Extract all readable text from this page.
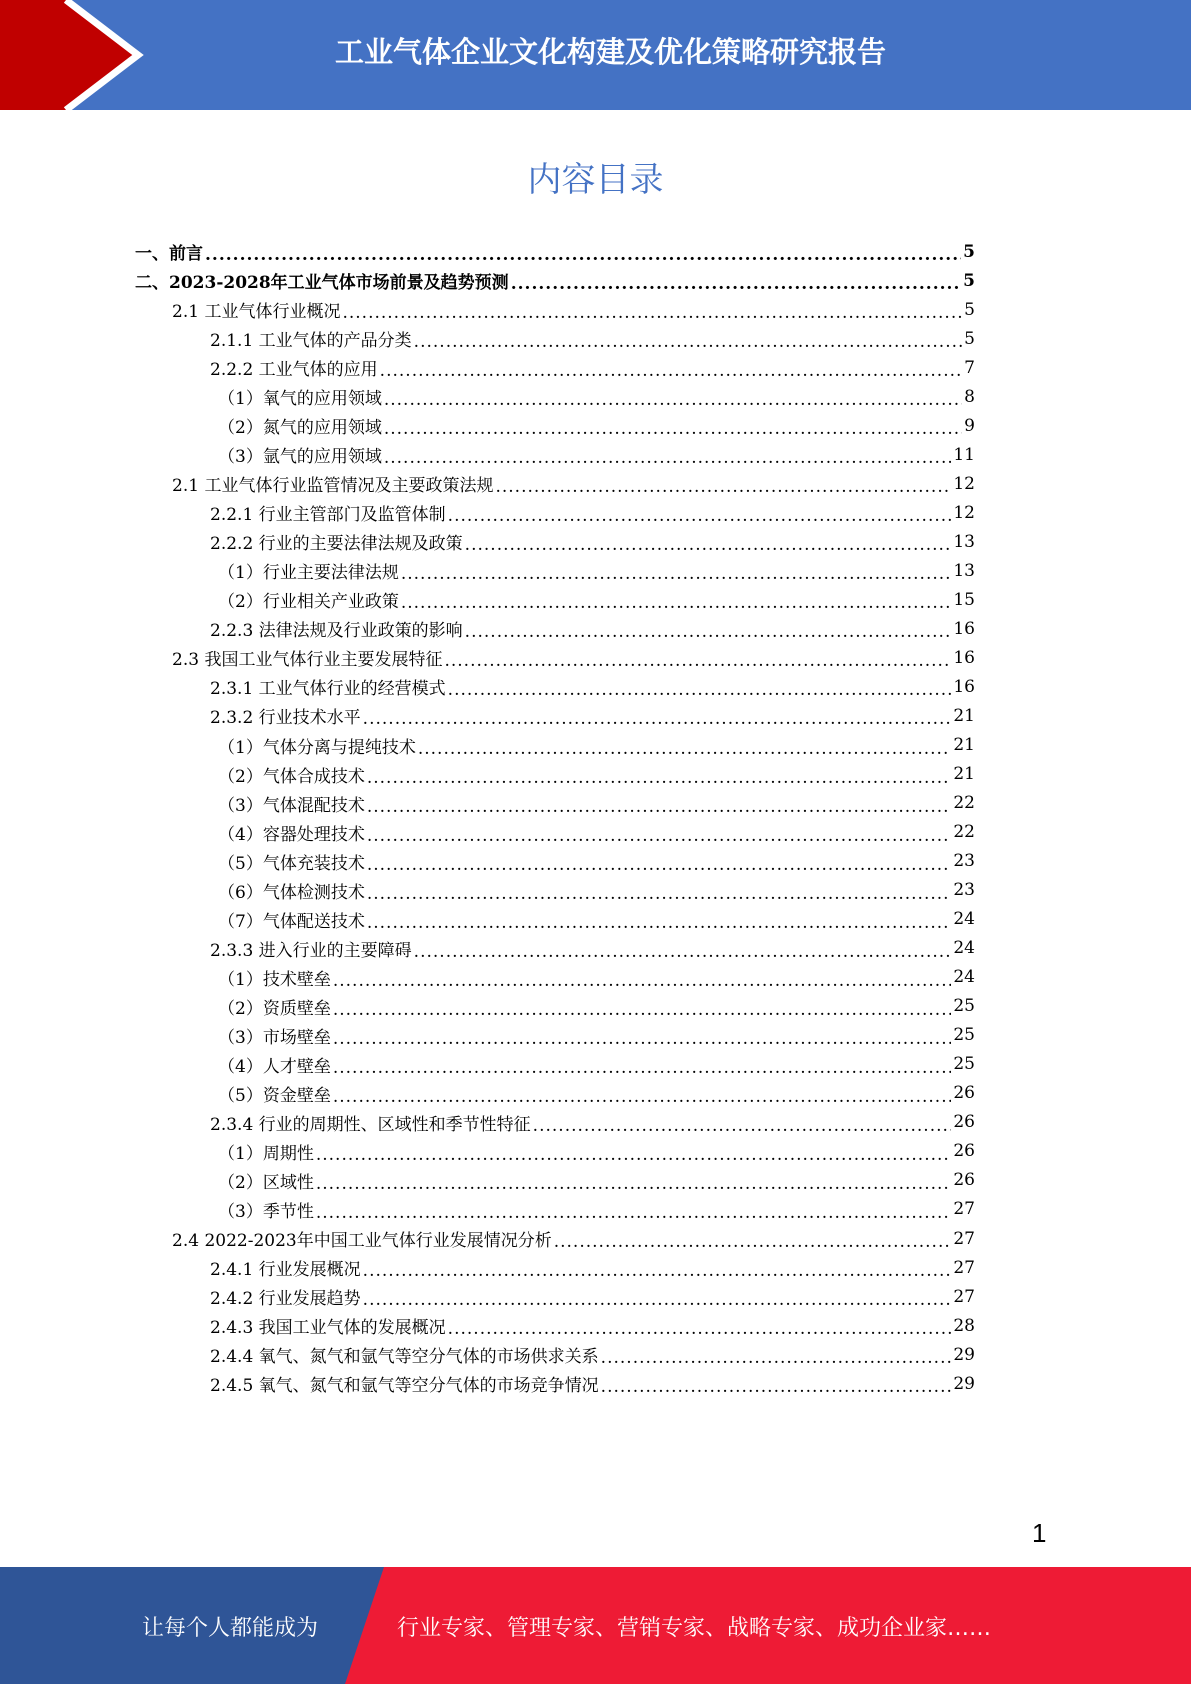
工业气体企业文化构建及优化策略研究报告
内容目录
一、前言 .....	5
二、2023-2028年工业气体市场前景及趋势预测 .....	5
2.1 工业气体行业概况 .....	5
2.1.1 工业气体的产品分类 .....	5
2.2.2 工业气体的应用 .....	7
（1）氧气的应用领域 .....	8
（2）氮气的应用领域 .....	9
（3）氩气的应用领域 .....	11
2.1 工业气体行业监管情况及主要政策法规 .....	12
2.2.1 行业主管部门及监管体制 .....	12
2.2.2 行业的主要法律法规及政策 .....	13
（1）行业主要法律法规 .....	13
（2）行业相关产业政策 .....	15
2.2.3 法律法规及行业政策的影响 .....	16
2.3 我国工业气体行业主要发展特征 .....	16
2.3.1 工业气体行业的经营模式 .....	16
2.3.2 行业技术水平 .....	21
（1）气体分离与提纯技术 .....	21
（2）气体合成技术 .....	21
（3）气体混配技术 .....	22
（4）容器处理技术 .....	22
（5）气体充装技术 .....	23
（6）气体检测技术 .....	23
（7）气体配送技术 .....	24
2.3.3 进入行业的主要障碍 .....	24
（1）技术壁垒 .....	24
（2）资质壁垒 .....	25
（3）市场壁垒 .....	25
（4）人才壁垒 .....	25
（5）资金壁垒 .....	26
2.3.4 行业的周期性、区域性和季节性特征 .....	26
（1）周期性 .....	26
（2）区域性 .....	26
（3）季节性 .....	27
2.4 2022-2023年中国工业气体行业发展情况分析 .....	27
2.4.1 行业发展概况 .....	27
2.4.2 行业发展趋势 .....	27
2.4.3 我国工业气体的发展概况 .....	28
2.4.4 氧气、氮气和氩气等空分气体的市场供求关系 .....	29
2.4.5 氧气、氮气和氩气等空分气体的市场竞争情况 .....	29
1
让每个人都能成为	行业专家、管理专家、营销专家、战略专家、成功企业家……
